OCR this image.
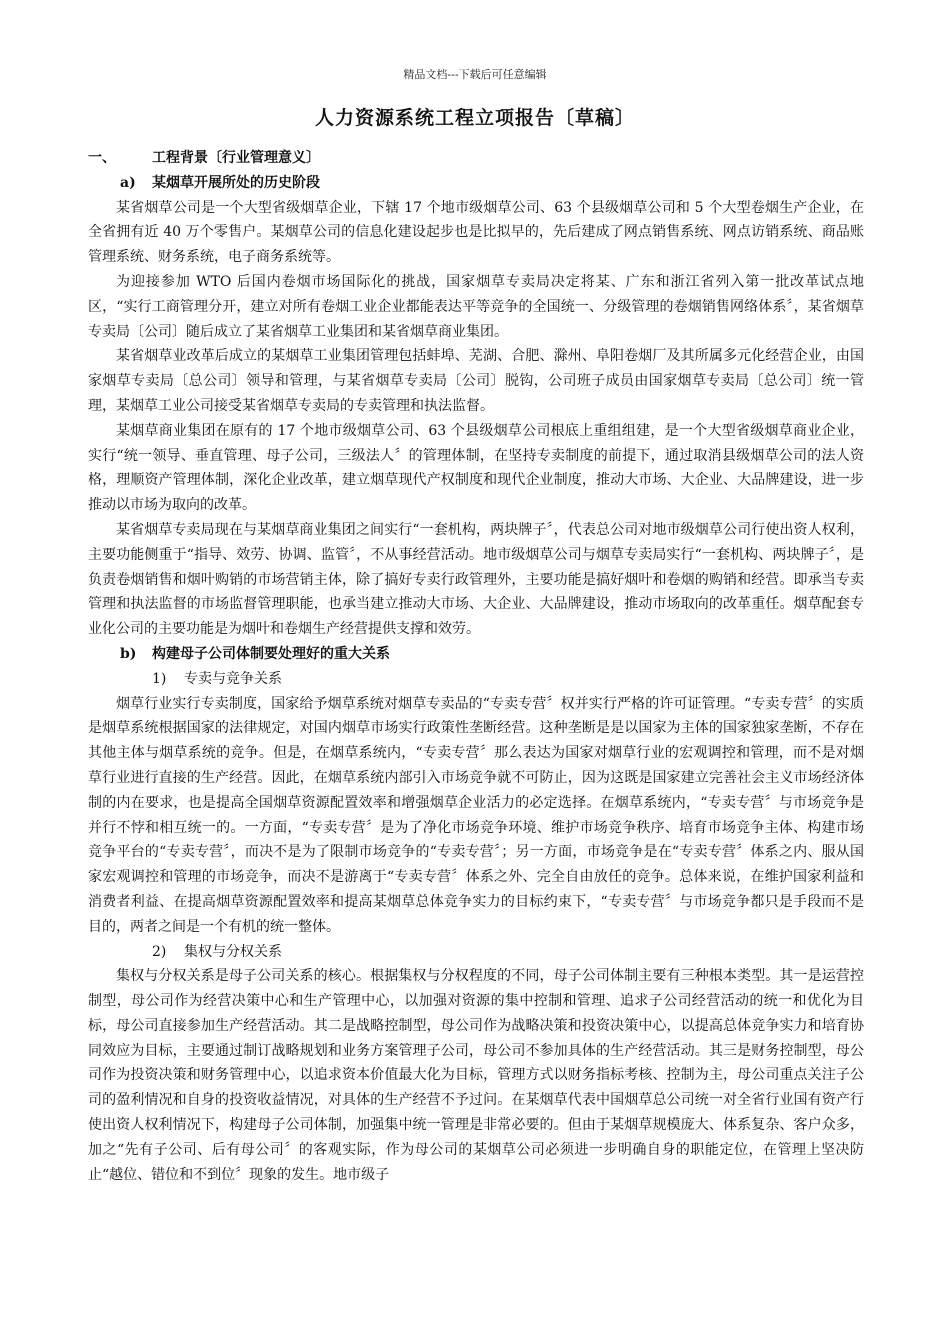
精品文档---下载后可任意编辑
人力资源系统工程立项报告〔草稿〕
一、	工程背景〔行业管理意义〕
a)	某烟草开展所处的历史阶段

某省烟草公司是一个大型省级烟草企业，下辖 17 个地市级烟草公司、63 个县级烟草公司和 5 个大型卷烟生产企业，在全省拥有近 40 万个零售户。某烟草公司的信息化建设起步也是比拟早的，先后建成了网点销售系统、网点访销系统、商品账管理系统、财务系统，电子商务系统等。

为迎接参加 WTO 后国内卷烟市场国际化的挑战，国家烟草专卖局决定将某、广东和浙江省列入第一批改革试点地区，“实行工商管理分开，建立对所有卷烟工业企业都能表达平等竞争的全国统一、分级管理的卷烟销售网络体系〞，某省烟草专卖局〔公司〕随后成立了某省烟草工业集团和某省烟草商业集团。

某省烟草业改革后成立的某烟草工业集团管理包括蚌埠、芜湖、合肥、滁州、阜阳卷烟厂及其所属多元化经营企业，由国家烟草专卖局〔总公司〕领导和管理，与某省烟草专卖局〔公司〕脱钩，公司班子成员由国家烟草专卖局〔总公司〕统一管理，某烟草工业公司接受某省烟草专卖局的专卖管理和执法监督。

某烟草商业集团在原有的 17 个地市级烟草公司、63 个县级烟草公司根底上重组组建，是一个大型省级烟草商业企业，实行“统一领导、垂直管理、母子公司，三级法人〞的管理体制，在坚持专卖制度的前提下，通过取消县级烟草公司的法人资格，理顺资产管理体制，深化企业改革，建立烟草现代产权制度和现代企业制度，推动大市场、大企业、大品牌建设，进一步推动以市场为取向的改革。

某省烟草专卖局现在与某烟草商业集团之间实行“一套机构，两块牌子〞，代表总公司对地市级烟草公司行使出资人权利，主要功能侧重于“指导、效劳、协调、监管〞，不从事经营活动。地市级烟草公司与烟草专卖局实行“一套机构、两块牌子〞，是负责卷烟销售和烟叶购销的市场营销主体，除了搞好专卖行政管理外，主要功能是搞好烟叶和卷烟的购销和经营。即承当专卖管理和执法监督的市场监督管理职能，也承当建立推动大市场、大企业、大品牌建设，推动市场取向的改革重任。烟草配套专业化公司的主要功能是为烟叶和卷烟生产经营提供支撑和效劳。

b)	构建母子公司体制要处理好的重大关系
1)	专卖与竞争关系

烟草行业实行专卖制度，国家给予烟草系统对烟草专卖品的“专卖专营〞权并实行严格的许可证管理。“专卖专营〞的实质是烟草系统根据国家的法律规定，对国内烟草市场实行政策性垄断经营。这种垄断是是以国家为主体的国家独家垄断，不存在其他主体与烟草系统的竞争。但是，在烟草系统内，“专卖专营〞那么表达为国家对烟草行业的宏观调控和管理，而不是对烟草行业进行直接的生产经营。因此，在烟草系统内部引入市场竞争就不可防止，因为这既是国家建立完善社会主义市场经济体制的内在要求，也是提高全国烟草资源配置效率和增强烟草企业活力的必定选择。在烟草系统内，“专卖专营〞与市场竞争是并行不悖和相互统一的。一方面，“专卖专营〞是为了净化市场竞争环境、维护市场竞争秩序、培育市场竞争主体、构建市场竞争平台的“专卖专营〞，而决不是为了限制市场竞争的“专卖专营〞；另一方面，市场竞争是在“专卖专营〞体系之内、服从国家宏观调控和管理的市场竞争，而决不是游离于“专卖专营〞体系之外、完全自由放任的竞争。总体来说，在维护国家利益和消费者利益、在提高烟草资源配置效率和提高某烟草总体竞争实力的目标约束下，“专卖专营〞与市场竞争都只是手段而不是目的，两者之间是一个有机的统一整体。

2)	集权与分权关系

集权与分权关系是母子公司关系的核心。根据集权与分权程度的不同，母子公司体制主要有三种根本类型。其一是运营控制型，母公司作为经营决策中心和生产管理中心，以加强对资源的集中控制和管理、追求子公司经营活动的统一和优化为目标，母公司直接参加生产经营活动。其二是战略控制型，母公司作为战略决策和投资决策中心，以提高总体竞争实力和培育协同效应为目标，主要通过制订战略规划和业务方案管理子公司，母公司不参加具体的生产经营活动。其三是财务控制型，母公司作为投资决策和财务管理中心，以追求资本价值最大化为目标，管理方式以财务指标考核、控制为主，母公司重点关注子公司的盈利情况和自身的投资收益情况，对具体的生产经营不予过问。在某烟草代表中国烟草总公司统一对全省行业国有资产行使出资人权利情况下，构建母子公司体制，加强集中统一管理是非常必要的。但由于某烟草规模庞大、体系复杂、客户众多，加之“先有子公司、后有母公司〞的客观实际，作为母公司的某烟草公司必须进一步明确自身的职能定位，在管理上坚决防止“越位、错位和不到位〞现象的发生。地市级子
